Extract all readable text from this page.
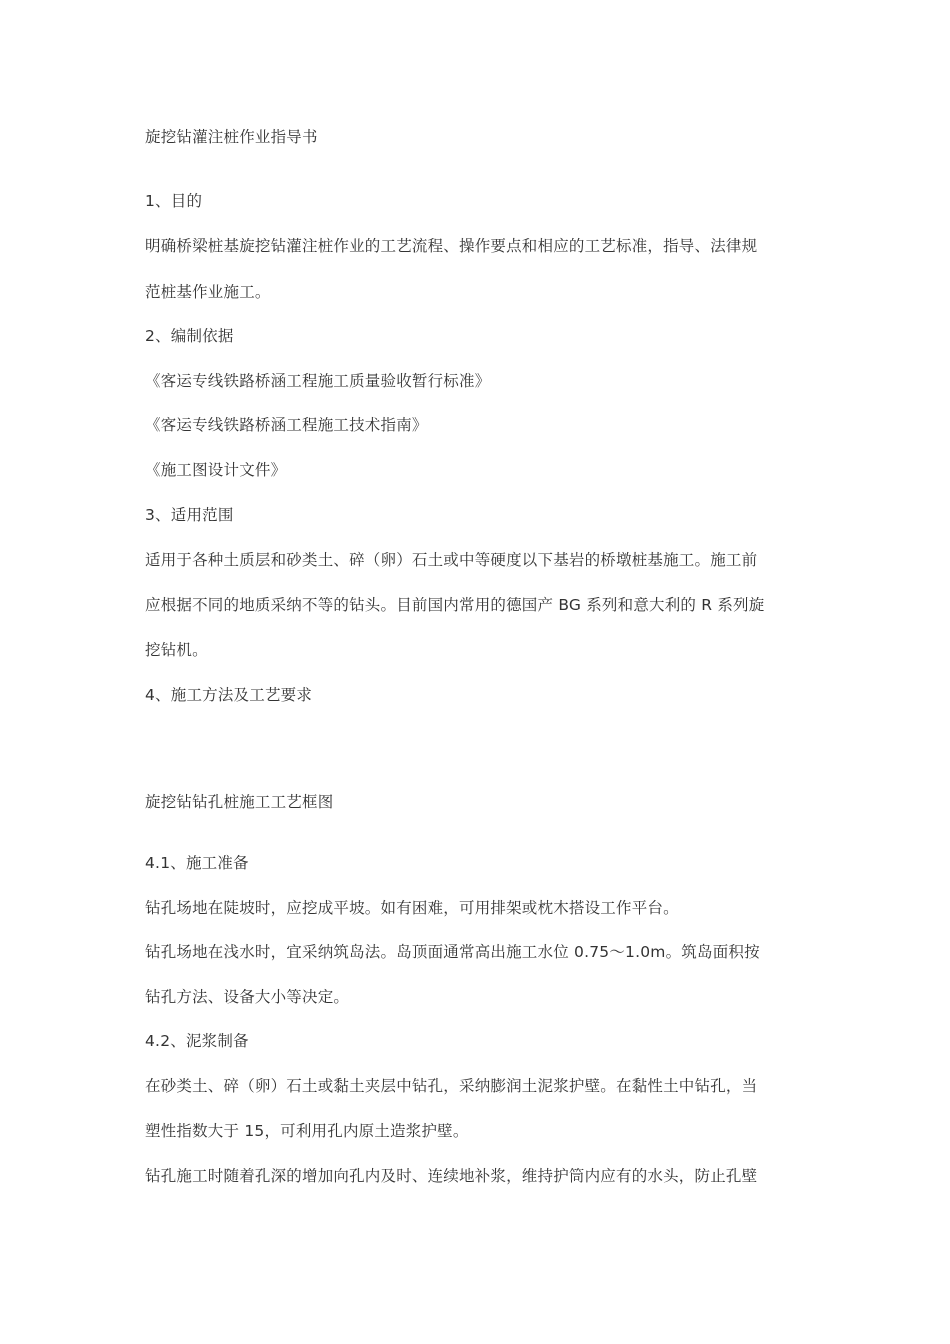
旋挖钻灌注桩作业指导书
1、目的
明确桥梁桩基旋挖钻灌注桩作业的工艺流程、操作要点和相应的工艺标准，指导、法律规
范桩基作业施工。
2、编制依据
《客运专线铁路桥涵工程施工质量验收暂行标准》
《客运专线铁路桥涵工程施工技术指南》
《施工图设计文件》
3、适用范围
适用于各种土质层和砂类土、碎（卵）石土或中等硬度以下基岩的桥墩桩基施工。施工前
应根据不同的地质采纳不等的钻头。目前国内常用的德国产 BG 系列和意大利的 R 系列旋
挖钻机。
4、施工方法及工艺要求
旋挖钻钻孔桩施工工艺框图
4.1、施工准备
钻孔场地在陡坡时，应挖成平坡。如有困难，可用排架或枕木搭设工作平台。
钻孔场地在浅水时，宜采纳筑岛法。岛顶面通常高出施工水位 0.75～1.0m。筑岛面积按
钻孔方法、设备大小等决定。
4.2、泥浆制备
在砂类土、碎（卵）石土或黏土夹层中钻孔，采纳膨润土泥浆护壁。在黏性土中钻孔，当
塑性指数大于 15，可利用孔内原土造浆护壁。
钻孔施工时随着孔深的增加向孔内及时、连续地补浆，维持护筒内应有的水头，防止孔壁
